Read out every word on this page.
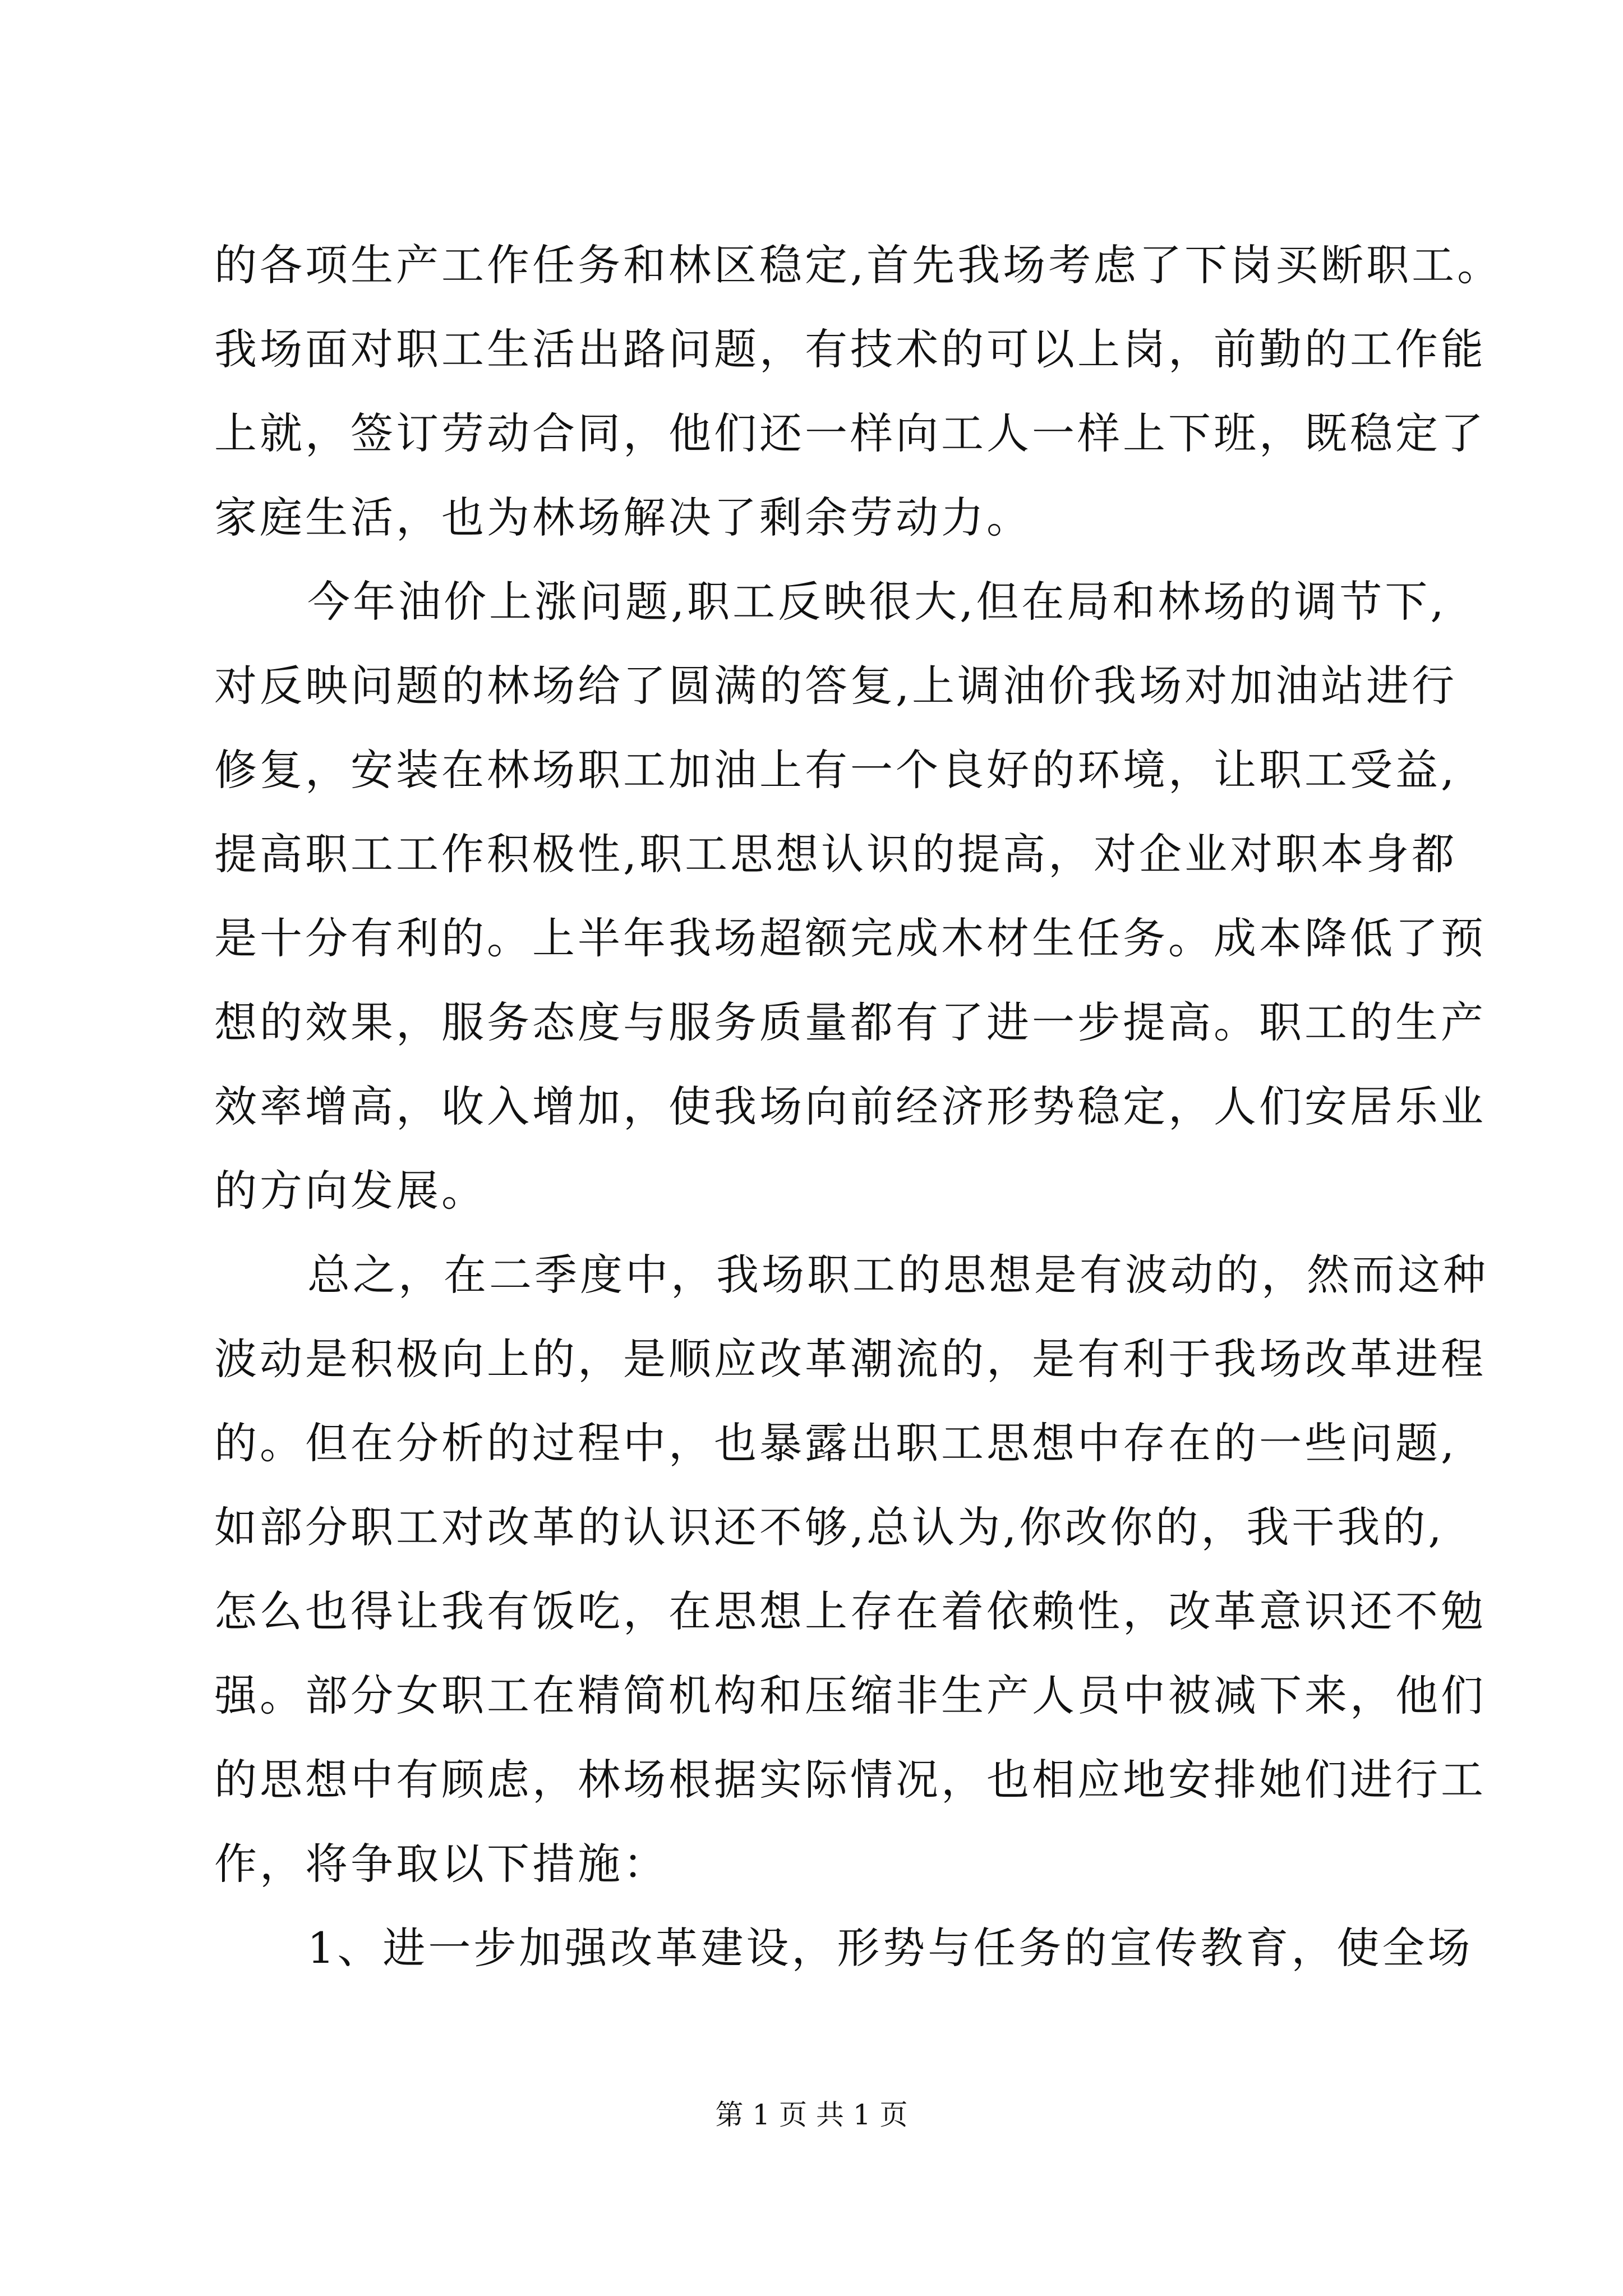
的各项生产工作任务和林区稳定,首先我场考虑了下岗买断职工。
我场面对职工生活出路问题，有技术的可以上岗，前勤的工作能
上就，签订劳动合同，他们还一样向工人一样上下班，既稳定了
家庭生活，也为林场解决了剩余劳动力。
今年油价上涨问题,职工反映很大,但在局和林场的调节下,
对反映问题的林场给了圆满的答复,上调油价我场对加油站进行
修复，安装在林场职工加油上有一个良好的环境，让职工受益,
提高职工工作积极性,职工思想认识的提高，对企业对职本身都
是十分有利的。上半年我场超额完成木材生任务。成本降低了预
想的效果，服务态度与服务质量都有了进一步提高。职工的生产
效率增高，收入增加，使我场向前经济形势稳定，人们安居乐业
的方向发展。
总之，在二季度中，我场职工的思想是有波动的，然而这种
波动是积极向上的，是顺应改革潮流的，是有利于我场改革进程
的。但在分析的过程中，也暴露出职工思想中存在的一些问题,
如部分职工对改革的认识还不够,总认为,你改你的，我干我的,
怎么也得让我有饭吃，在思想上存在着依赖性，改革意识还不勉
强。部分女职工在精简机构和压缩非生产人员中被减下来，他们
的思想中有顾虑，林场根据实际情况，也相应地安排她们进行工
作，将争取以下措施：
1、进一步加强改革建设，形势与任务的宣传教育，使全场
第 1 页 共 1 页
